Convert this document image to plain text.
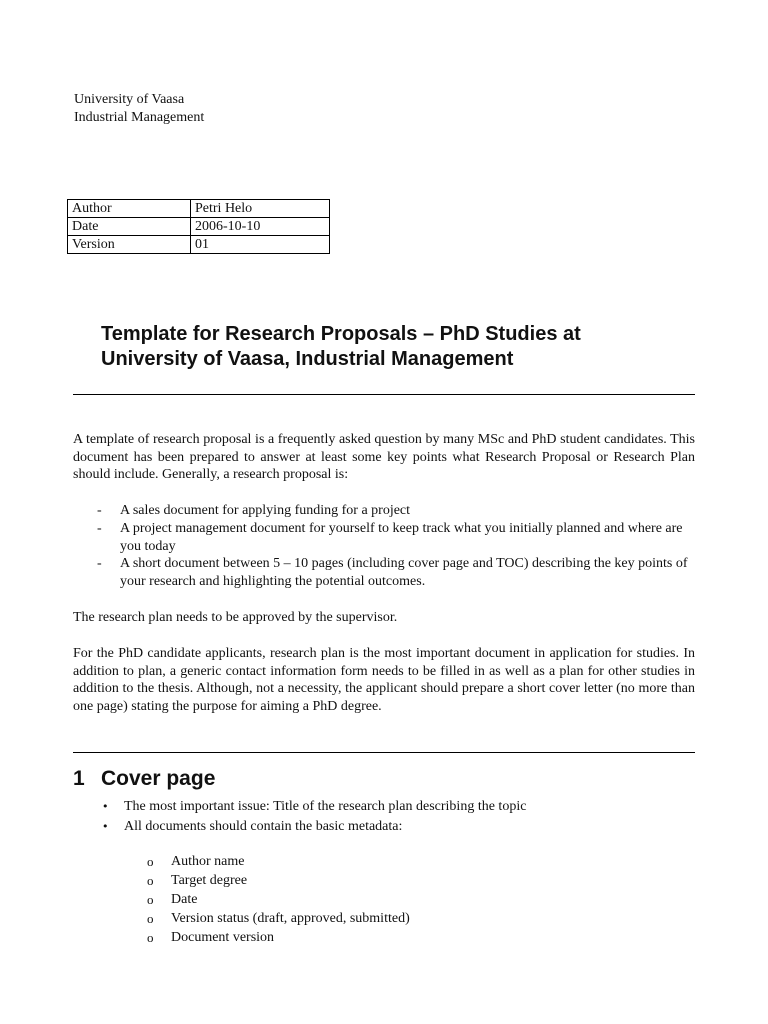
University of Vaasa
Industrial Management
Author	Petri Helo
Date	2006-10-10
Version	01
Template for Research Proposals – PhD Studies at
University of Vaasa, Industrial Management
A template of research proposal is a frequently asked question by many MSc and PhD student candidates. This document has been prepared to answer at least some key points what Research Proposal or Research Plan should include. Generally, a research proposal is:
- A sales document for applying funding for a project
- A project management document for yourself to keep track what you initially planned and where are you today
- A short document between 5 – 10 pages (including cover page and TOC) describing the key points of your research and highlighting the potential outcomes.
The research plan needs to be approved by the supervisor.
For the PhD candidate applicants, research plan is the most important document in application for studies. In addition to plan, a generic contact information form needs to be filled in as well as a plan for other studies in addition to the thesis. Although, not a necessity, the applicant should prepare a short cover letter (no more than one page) stating the purpose for aiming a PhD degree.
1 Cover page
• The most important issue: Title of the research plan describing the topic
• All documents should contain the basic metadata:
o Author name
o Target degree
o Date
o Version status (draft, approved, submitted)
o Document version
